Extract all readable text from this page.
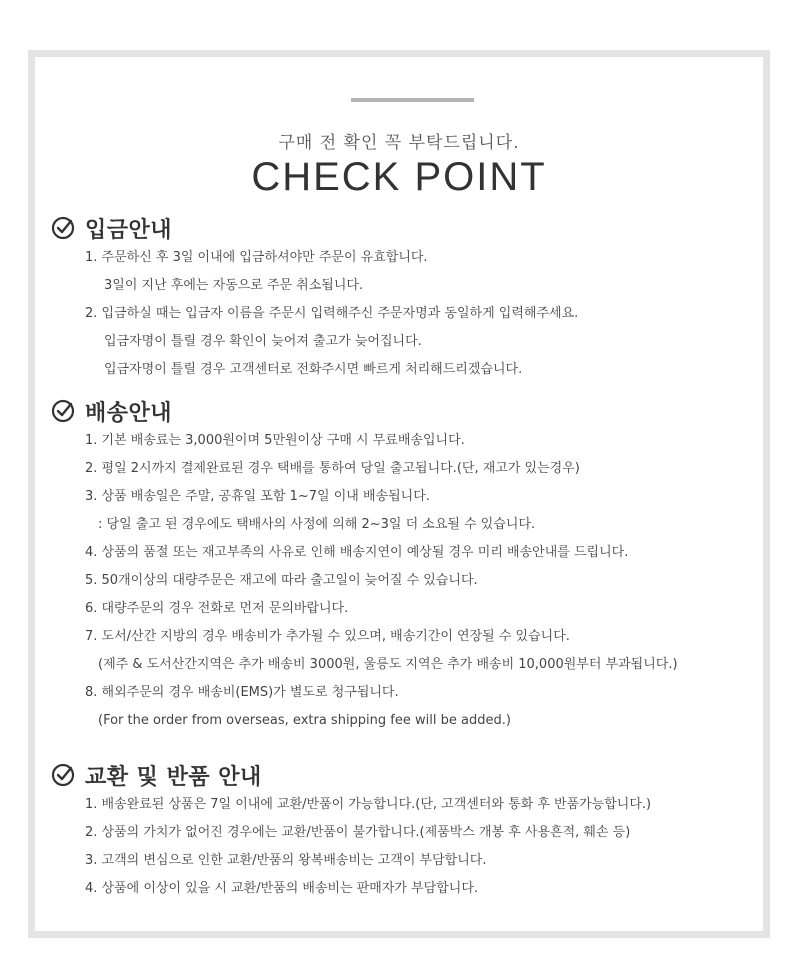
구매 전 확인 꼭 부탁드립니다.
CHECK POINT
입금안내
1. 주문하신 후 3일 이내에 입금하셔야만 주문이 유효합니다.
3일이 지난 후에는 자동으로 주문 취소됩니다.
2. 입금하실 때는 입금자 이름을 주문시 입력해주신 주문자명과 동일하게 입력해주세요.
입금자명이 틀릴 경우 확인이 늦어져 출고가 늦어집니다.
입금자명이 틀릴 경우 고객센터로 전화주시면 빠르게 처리해드리겠습니다.
배송안내
1. 기본 배송료는 3,000원이며 5만원이상 구매 시 무료배송입니다.
2. 평일 2시까지 결제완료된 경우 택배를 통하여 당일 출고됩니다.(단, 재고가 있는경우)
3. 상품 배송일은 주말, 공휴일 포함 1~7일 이내 배송됩니다.
: 당일 출고 된 경우에도 택배사의 사정에 의해 2~3일 더 소요될 수 있습니다.
4. 상품의 품절 또는 재고부족의 사유로 인해 배송지연이 예상될 경우 미리 배송안내를 드립니다.
5. 50개이상의 대량주문은 재고에 따라 출고일이 늦어질 수 있습니다.
6. 대량주문의 경우 전화로 먼저 문의바랍니다.
7. 도서/산간 지방의 경우 배송비가 추가될 수 있으며, 배송기간이 연장될 수 있습니다.
(제주 & 도서산간지역은 추가 배송비 3000원, 울릉도 지역은 추가 배송비 10,000원부터 부과됩니다.)
8. 해외주문의 경우 배송비(EMS)가 별도로 청구됩니다.
(For the order from overseas, extra shipping fee will be added.)
교환 및 반품 안내
1. 배송완료된 상품은 7일 이내에 교환/반품이 가능합니다.(단, 고객센터와 통화 후 반품가능합니다.)
2. 상품의 가치가 없어진 경우에는 교환/반품이 불가합니다.(제품박스 개봉 후 사용흔적, 훼손 등)
3. 고객의 변심으로 인한 교환/반품의 왕복배송비는 고객이 부담합니다.
4. 상품에 이상이 있을 시 교환/반품의 배송비는 판매자가 부담합니다.
